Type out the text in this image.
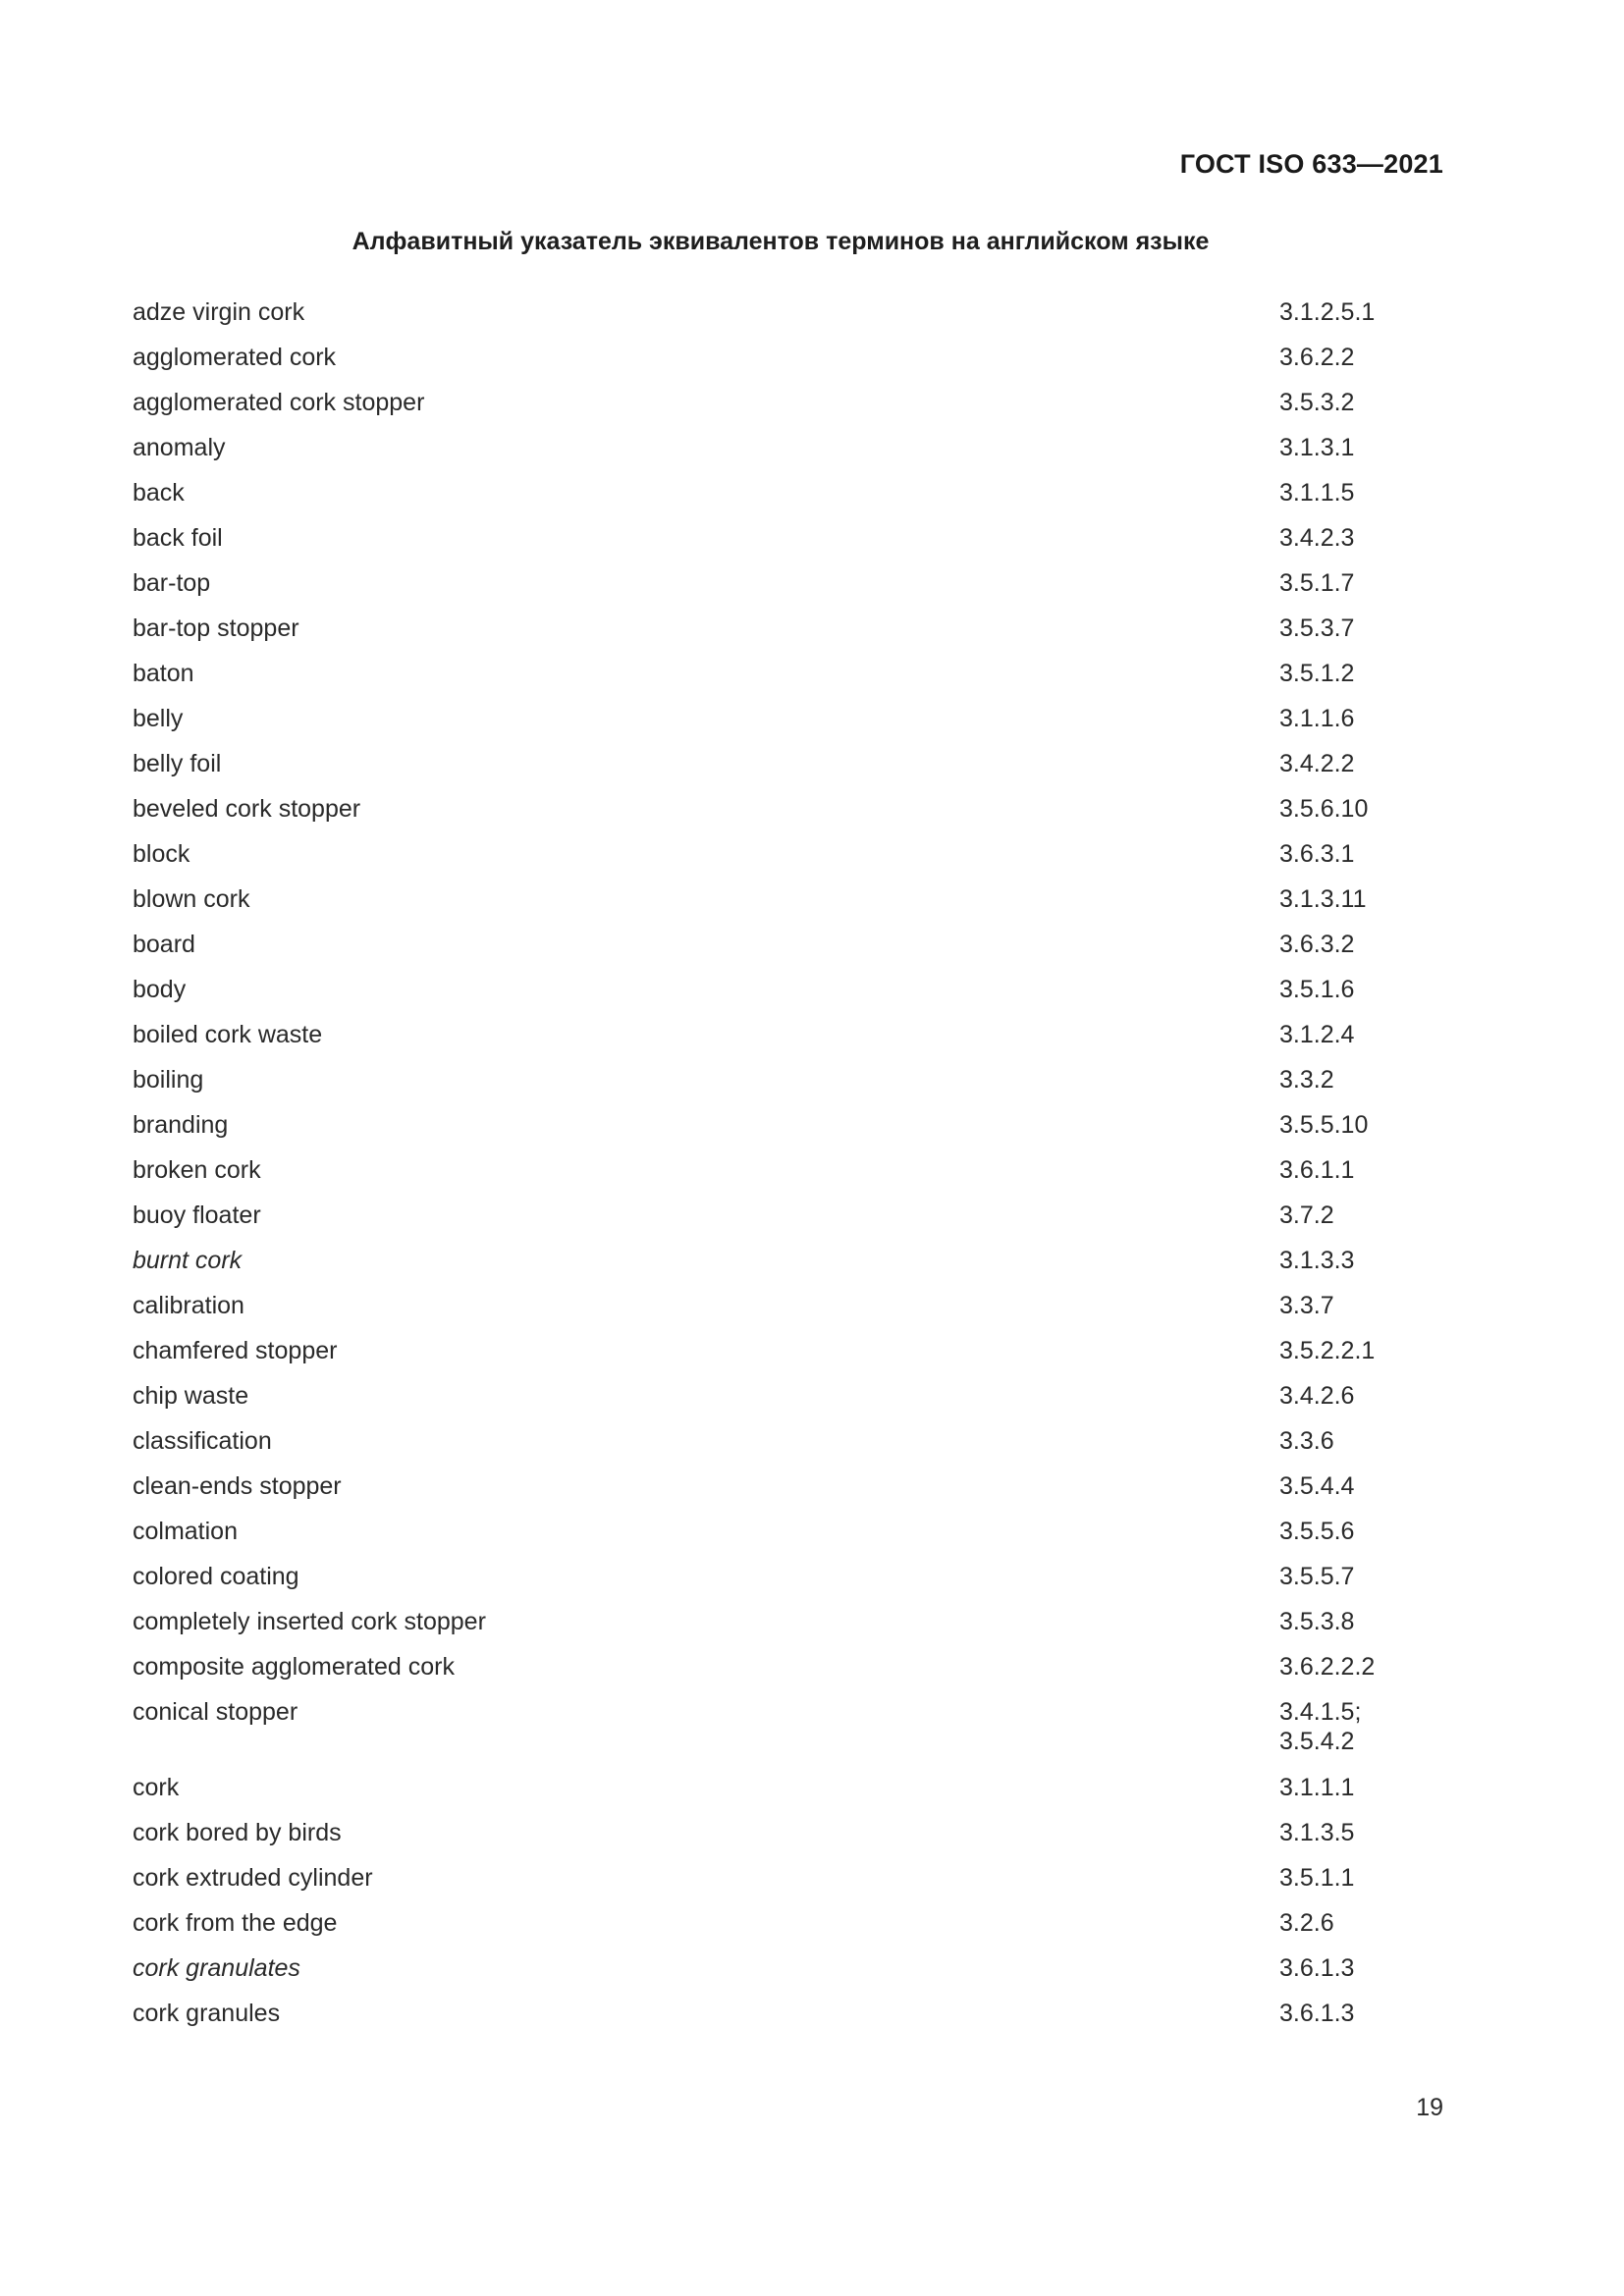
ГОСТ ISO 633—2021
Алфавитный указатель эквивалентов терминов на английском языке
adze virgin cork	3.1.2.5.1
agglomerated cork	3.6.2.2
agglomerated cork stopper	3.5.3.2
anomaly	3.1.3.1
back	3.1.1.5
back foil	3.4.2.3
bar-top	3.5.1.7
bar-top stopper	3.5.3.7
baton	3.5.1.2
belly	3.1.1.6
belly foil	3.4.2.2
beveled cork stopper	3.5.6.10
block	3.6.3.1
blown cork	3.1.3.11
board	3.6.3.2
body	3.5.1.6
boiled cork waste	3.1.2.4
boiling	3.3.2
branding	3.5.5.10
broken cork	3.6.1.1
buoy floater	3.7.2
burnt cork	3.1.3.3
calibration	3.3.7
chamfered stopper	3.5.2.2.1
chip waste	3.4.2.6
classification	3.3.6
clean-ends stopper	3.5.4.4
colmation	3.5.5.6
colored coating	3.5.5.7
completely inserted cork stopper	3.5.3.8
composite agglomerated cork	3.6.2.2.2
conical stopper	3.4.1.5;
3.5.4.2
cork	3.1.1.1
cork bored by birds	3.1.3.5
cork extruded cylinder	3.5.1.1
cork from the edge	3.2.6
cork granulates	3.6.1.3
cork granules	3.6.1.3
19
